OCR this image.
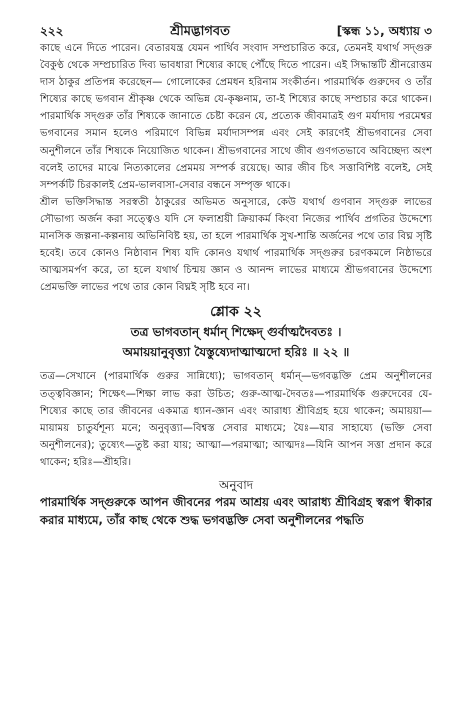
২২২	শ্রীমদ্ভাগবত	[স্কন্ধ ১১, অধ্যায় ৩

কাছে এনে দিতে পারেন। বেতারযন্ত্র যেমন পার্থিব সংবাদ সম্প্রচারিত করে, তেমনই যথার্থ সদ্গুরু বৈকুণ্ঠ থেকে সম্প্রচারিত দিব্য ভাবধারা শিষ্যের কাছে পৌঁছে দিতে পারেন। এই সিদ্ধান্তটি শ্রীনরোত্তম দাস ঠাকুর প্রতিপন্ন করেছেন— গোলোকের প্রেমধন হরিনাম সংকীর্তন। পারমার্থিক গুরুদেব ও তাঁর শিষ্যের কাছে ভগবান শ্রীকৃষ্ণ থেকে অভিন্ন যে-কৃষ্ণনাম, তা-ই শিষ্যের কাছে সম্প্রচার করে থাকেন। পারমার্থিক সদ্গুরু তাঁর শিষ্যকে জানাতে চেষ্টা করেন যে, প্রত্যেক জীবমাত্রই গুণ মর্যাদায় পরমেশ্বর ভগবানের সমান হলেও পরিমাণে বিভিন্ন মর্যাদাসম্পন্ন এবং সেই কারণেই শ্রীভগবানের সেবা অনুশীলনে তাঁর শিষ্যকে নিয়োজিত থাকেন। শ্রীভগবানের সাথে জীব গুণগতভাবে অবিচ্ছেদ্য অংশ বলেই তাদের মাঝে নিত্যকালের প্রেমময় সম্পর্ক রয়েছে। আর জীব চিৎ সত্তাবিশিষ্ট বলেই, সেই সম্পর্কটি চিরকালই প্রেম-ভালবাসা-সেবার বন্ধনে সম্পৃক্ত থাকে।

শ্রীল ভক্তিসিদ্ধান্ত সরস্বতী ঠাকুরের অভিমত অনুসারে, কেউ যথার্থ গুণবান সদ্গুরু লাভের সৌভাগ্য অর্জন করা সত্ত্বেও যদি সে ফলাশ্রয়ী ক্রিয়াকর্ম কিংবা নিজের পার্থিব প্রগতির উদ্দেশ্যে মানসিক জল্পনা-কল্পনায় অভিনিবিষ্ট হয়, তা হলে পারমার্থিক সুখ-শান্তি অর্জনের পথে তার বিঘ্ন সৃষ্টি হবেই। তবে কোনও নিষ্ঠাবান শিষ্য যদি কোনও যথার্থ পারমার্থিক সদ্গুরুর চরণকমলে নিষ্ঠাভরে আত্মসমর্পণ করে, তা হলে যথার্থ চিন্ময় জ্ঞান ও আনন্দ লাভের মাধ্যমে শ্রীভগবানের উদ্দেশ্যে প্রেমভক্তি লাভের পথে তার কোন বিঘ্নই সৃষ্টি হবে না।

শ্লোক ২২
তত্র ভাগবতান্ ধর্মান্ শিক্ষেদ্ গুর্বাত্মদৈবতঃ ।
অমায়য়ানুবৃত্ত্যা যৈস্তুষ্যেদাত্মাত্মদো হরিঃ ॥ ২২ ॥
তত্র—সেখানে (পারমার্থিক গুরুর সান্নিধ্যে); ভাগবতান্ ধর্মান্—ভগবদ্ভক্তি প্রেম অনুশীলনের তত্ত্ববিজ্ঞান; শিক্ষেৎ—শিক্ষা লাভ করা উচিত; গুরু-আত্ম-দৈবতঃ—পারমার্থিক গুরুদেবের যে-শিষ্যের কাছে তার জীবনের একমাত্র ধ্যান-জ্ঞান এবং আরাধ্য শ্রীবিগ্রহ হয়ে থাকেন; অমায়য়া—মায়াময় চাতুর্যশূন্য মনে; অনুবৃত্ত্যা—বিশ্বস্ত সেবার মাধ্যমে; যৈঃ—যার সাহায্যে (ভক্তি সেবা অনুশীলনের); তুষ্যেৎ—তুষ্ট করা যায়; আত্মা—পরমাত্মা; আত্মদঃ—যিনি আপন সত্তা প্রদান করে থাকেন; হরিঃ—শ্রীহরি।
অনুবাদ
পারমার্থিক সদ্গুরুকে আপন জীবনের পরম আশ্রয় এবং আরাধ্য শ্রীবিগ্রহ স্বরূপ স্বীকার করার মাধ্যমে, তাঁর কাছ থেকে শুদ্ধ ভগবদ্ভক্তি সেবা অনুশীলনের পদ্ধতি
